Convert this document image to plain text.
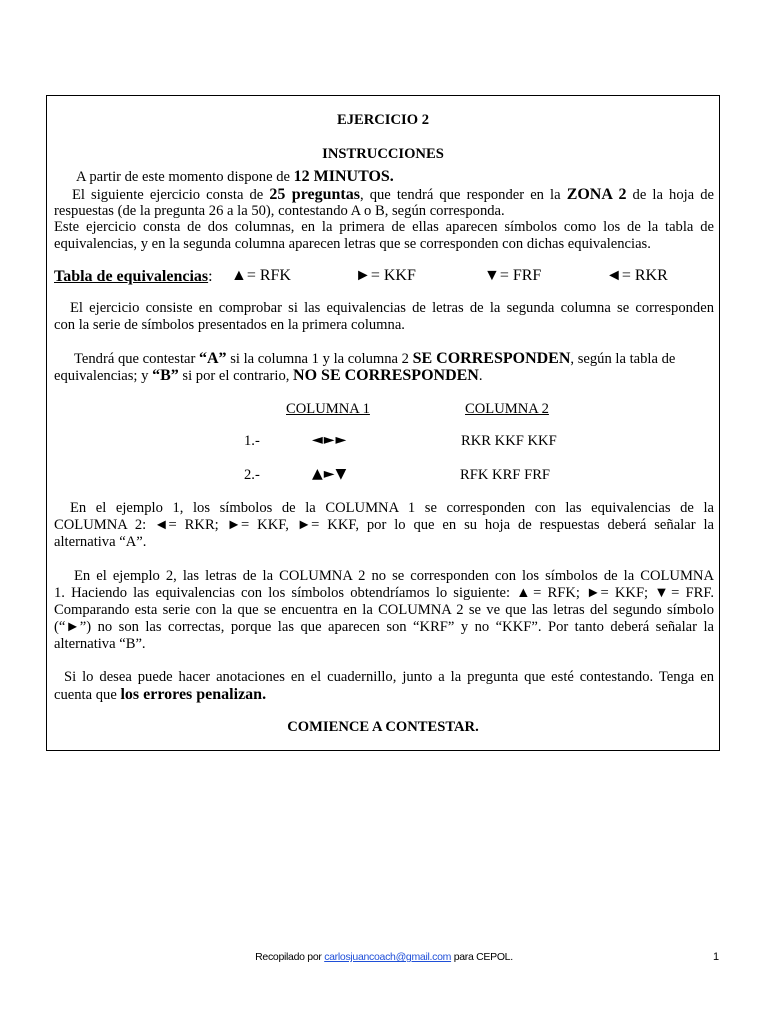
EJERCICIO 2
INSTRUCCIONES
A partir de este momento dispone de 12 MINUTOS.
El siguiente ejercicio consta de 25 preguntas, que tendrá que responder en la ZONA 2 de la hoja de
respuestas (de la pregunta 26 a la 50), contestando A o B, según corresponda.
Este ejercicio consta de dos columnas, en la primera de ellas aparecen símbolos como los de la tabla de
equivalencias, y en la segunda columna aparecen letras que se corresponden con dichas equivalencias.
Tabla de equivalencias: ▲= RFK	►= KKF	▼= FRF	◄= RKR
El ejercicio consiste en comprobar si las equivalencias de letras de la segunda columna se corresponden
con la serie de símbolos presentados en la primera columna.
Tendrá que contestar “A” si la columna 1 y la columna 2 SE CORRESPONDEN, según la tabla de
equivalencias; y “B” si por el contrario, NO SE CORRESPONDEN.
COLUMNA 1	COLUMNA 2
1.-	◄►►	RKR KKF KKF
2.-	▲►▼	RFK KRF FRF
En el ejemplo 1, los símbolos de la COLUMNA 1 se corresponden con las equivalencias de la
COLUMNA 2: ◄= RKR; ►= KKF, ►= KKF, por lo que en su hoja de respuestas deberá señalar la
alternativa “A”.
En el ejemplo 2, las letras de la COLUMNA 2 no se corresponden con los símbolos de la COLUMNA
1. Haciendo las equivalencias con los símbolos obtendríamos lo siguiente: ▲= RFK; ►= KKF; ▼= FRF.
Comparando esta serie con la que se encuentra en la COLUMNA 2 se ve que las letras del segundo símbolo
(“►”) no son las correctas, porque las que aparecen son “KRF” y no “KKF”. Por tanto deberá señalar la
alternativa “B”.
Si lo desea puede hacer anotaciones en el cuadernillo, junto a la pregunta que esté contestando. Tenga en
cuenta que los errores penalizan.
COMIENCE A CONTESTAR.
Recopilado por carlosjuancoach@gmail.com para CEPOL.	1
